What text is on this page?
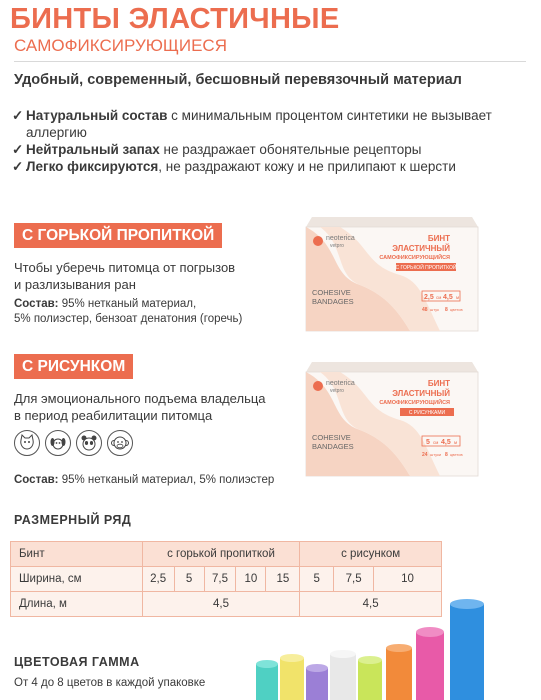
БИНТЫ ЭЛАСТИЧНЫЕ
САМОФИКСИРУЮЩИЕСЯ
Удобный, современный, бесшовный перевязочный материал
✓ Натуральный состав с минимальным процентом синтетики не вызывает
аллергию
✓ Нейтральный запах не раздражает обонятельные рецепторы
✓ Легко фиксируются, не раздражают кожу и не прилипают к шерсти
С ГОРЬКОЙ ПРОПИТКОЙ
Чтобы уберечь питомца от погрызов
и разлизывания ран
Состав: 95% нетканый материал,
5% полиэстер, бензоат денатония (горечь)
neoterica
vetpro
БИНТ
ЭЛАСТИЧНЫЙ
САМОФИКСИРУЮЩИЙСЯ
С ГОРЬКОЙ ПРОПИТКОЙ
COHESIVE
BANDAGES	2,5 см 4,5 м
48 штук 8 цветов
С РИСУНКОМ
Для эмоционального подъема владельца
в период реабилитации питомца
Состав: 95% нетканый материал, 5% полиэстер
neoterica
vetpro
БИНТ
ЭЛАСТИЧНЫЙ
САМОФИКСИРУЮЩИЙСЯ
С РИСУНКАМИ
COHESIVE
BANDAGES	5 см 4,5 м
24 штуки 8 цветов
РАЗМЕРНЫЙ РЯД
Бинт	с горькой пропиткой					с рисунком		
Ширина, см	2,5	5	7,5	10	15	5	7,5	10
Длина, м	4,5					4,5		
ЦВЕТОВАЯ ГАММА
От 4 до 8 цветов в каждой упаковке
